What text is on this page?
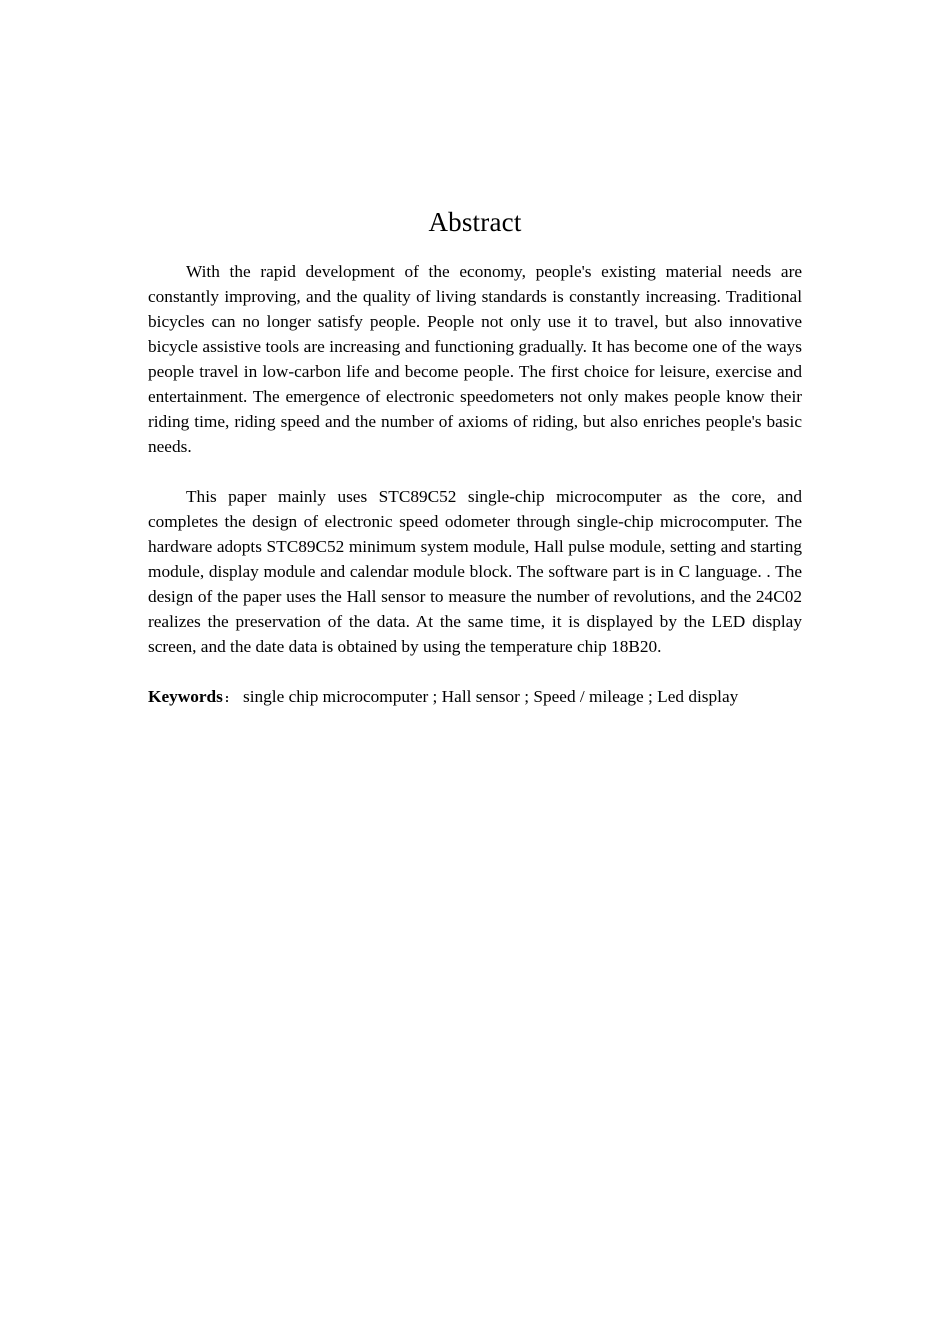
Abstract

With the rapid development of the economy, people's existing material needs are constantly improving, and the quality of living standards is constantly increasing. Traditional bicycles can no longer satisfy people. People not only use it to travel, but also innovative bicycle assistive tools are increasing and functioning gradually. It has become one of the ways people travel in low-carbon life and become people. The first choice for leisure, exercise and entertainment. The emergence of electronic speedometers not only makes people know their riding time, riding speed and the number of axioms of riding, but also enriches people's basic needs.

This paper mainly uses STC89C52 single-chip microcomputer as the core, and completes the design of electronic speed odometer through single-chip microcomputer. The hardware adopts STC89C52 minimum system module, Hall pulse module, setting and starting module, display module and calendar module block. The software part is in C language. . The design of the paper uses the Hall sensor to measure the number of revolutions, and the 24C02 realizes the preservation of the data. At the same time, it is displayed by the LED display screen, and the date data is obtained by using the temperature chip 18B20.

Keywords : single chip microcomputer ; Hall sensor ; Speed / mileage ; Led display
